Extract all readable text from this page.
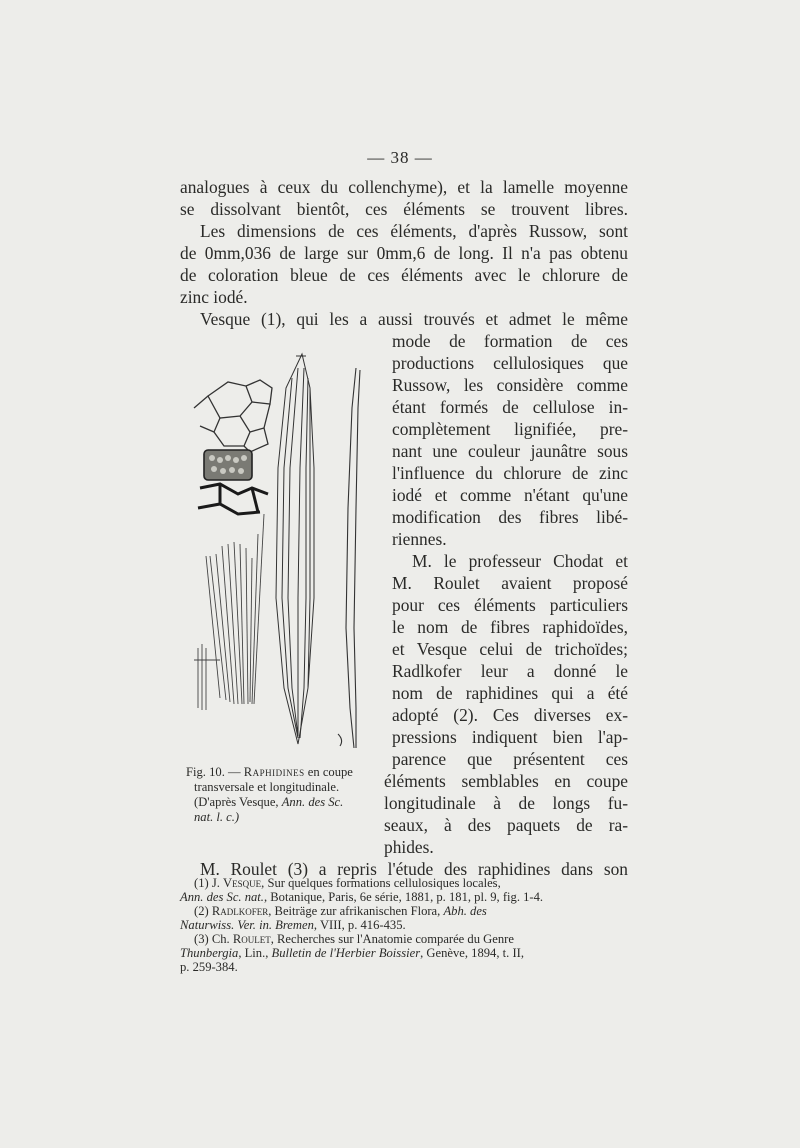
— 38 —
analogues à ceux du collenchyme), et la lamelle moyenne
se dissolvant bientôt, ces éléments se trouvent libres.
Les dimensions de ces éléments, d'après Russow, sont
de 0mm,036 de large sur 0mm,6 de long. Il n'a pas obtenu
de coloration bleue de ces éléments avec le chlorure de
zinc iodé.
Vesque (1), qui les a aussi trouvés et admet le même
mode de formation de ces
productions cellulosiques que
Russow, les considère comme
étant formés de cellulose in-
complètement lignifiée, pre-
nant une couleur jaunâtre sous
l'influence du chlorure de zinc
iodé et comme n'étant qu'une
modification des fibres libé-
riennes.
M. le professeur Chodat et
M. Roulet avaient proposé
pour ces éléments particuliers
le nom de fibres raphidoïdes,
et Vesque celui de trichoïdes;
Radlkofer leur a donné le
nom de raphidines qui a été
adopté (2). Ces diverses ex-
pressions indiquent bien l'ap-
parence que présentent ces
éléments semblables en coupe
longitudinale à de longs fu-
seaux, à des paquets de ra-
phides.
M. Roulet (3) a repris l'étude des raphidines dans son
Fig. 10. — Raphidines en coupe
transversale et longitudinale.
(D'après Vesque, Ann. des Sc.
nat. l. c.)
(1) J. Vesque, Sur quelques formations cellulosiques locales,
Ann. des Sc. nat., Botanique, Paris, 6e série, 1881, p. 181, pl. 9, fig. 1-4.
(2) Radlkofer, Beiträge zur afrikanischen Flora, Abh. des
Naturwiss. Ver. in. Bremen, VIII, p. 416-435.
(3) Ch. Roulet, Recherches sur l'Anatomie comparée du Genre
Thunbergia, Lin., Bulletin de l'Herbier Boissier, Genève, 1894, t. II,
p. 259-384.
